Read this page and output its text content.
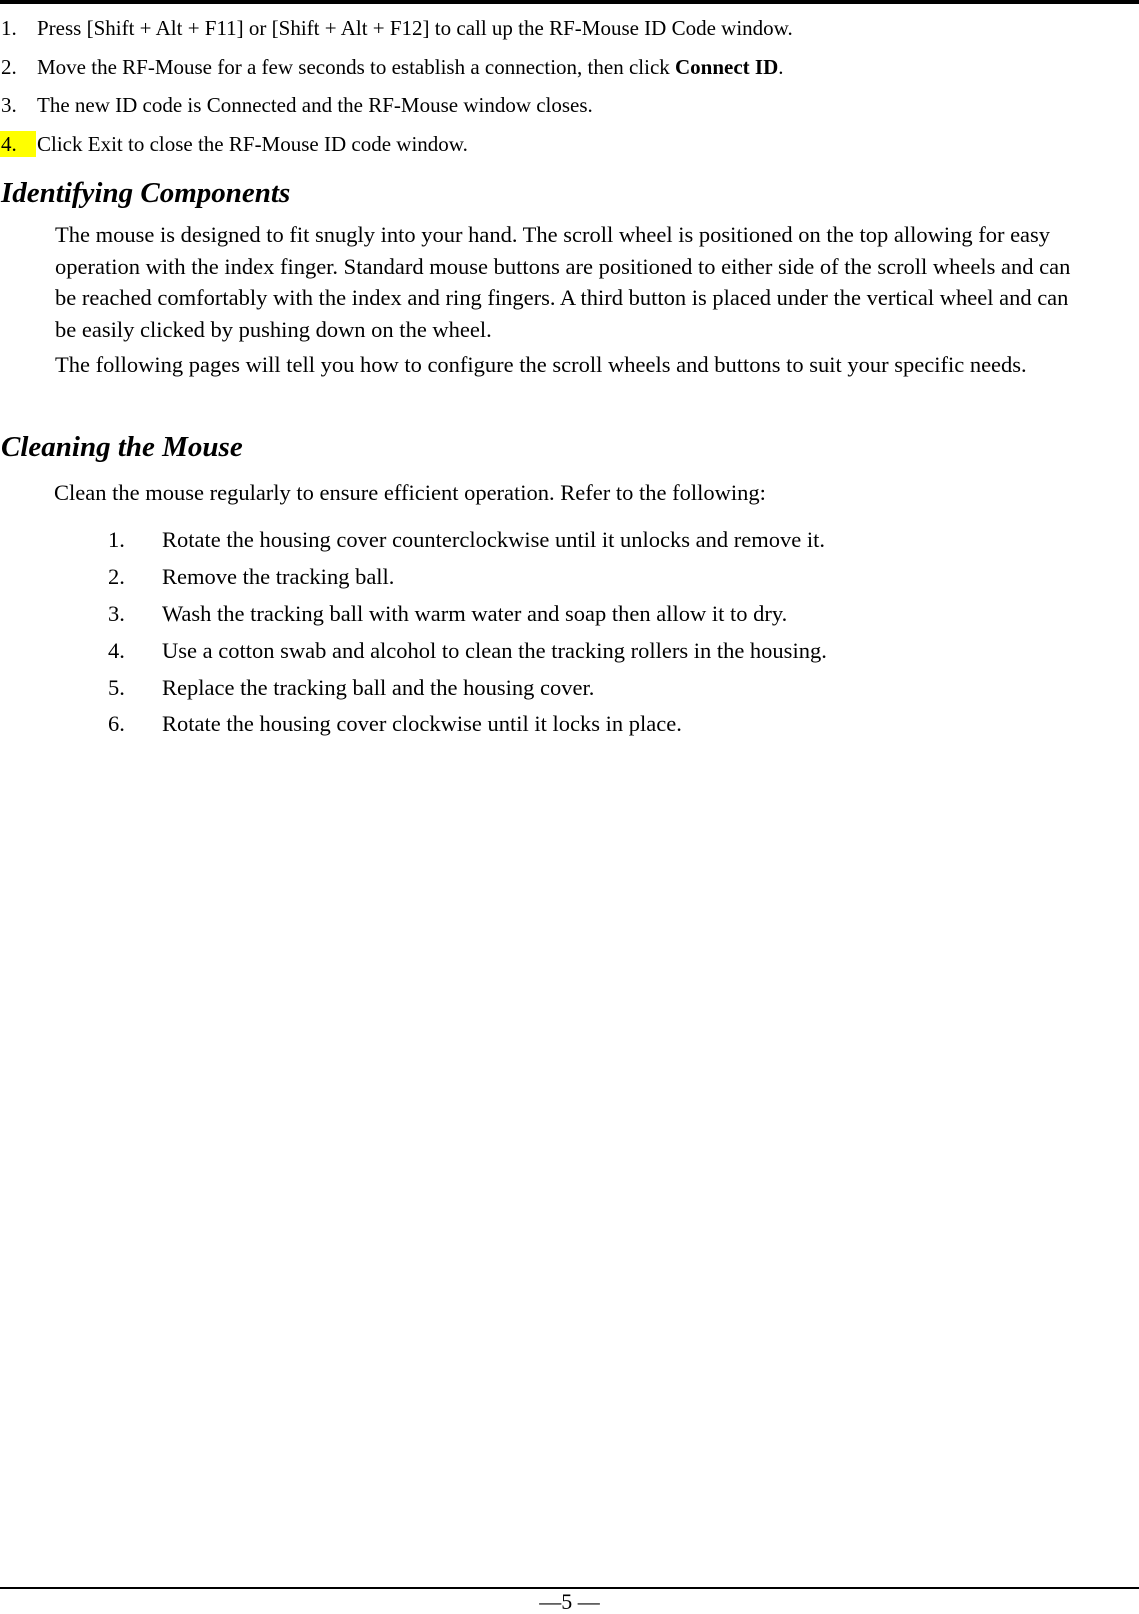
1. Press [Shift + Alt + F11] or [Shift + Alt + F12] to call up the RF-Mouse ID Code window.
2. Move the RF-Mouse for a few seconds to establish a connection, then click Connect ID.
3. The new ID code is Connected and the RF-Mouse window closes.
4. Click Exit to close the RF-Mouse ID code window.
Identifying Components

The mouse is designed to fit snugly into your hand. The scroll wheel is positioned on the top allowing for easy operation with the index finger. Standard mouse buttons are positioned to either side of the scroll wheels and can be reached comfortably with the index and ring fingers. A third button is placed under the vertical wheel and can be easily clicked by pushing down on the wheel.

The following pages will tell you how to configure the scroll wheels and buttons to suit your specific needs.

Cleaning the Mouse
Clean the mouse regularly to ensure efficient operation. Refer to the following:
1. Rotate the housing cover counterclockwise until it unlocks and remove it.
2. Remove the tracking ball.
3. Wash the tracking ball with warm water and soap then allow it to dry.
4. Use a cotton swab and alcohol to clean the tracking rollers in the housing.
5. Replace the tracking ball and the housing cover.
6. Rotate the housing cover clockwise until it locks in place.
—5 —
